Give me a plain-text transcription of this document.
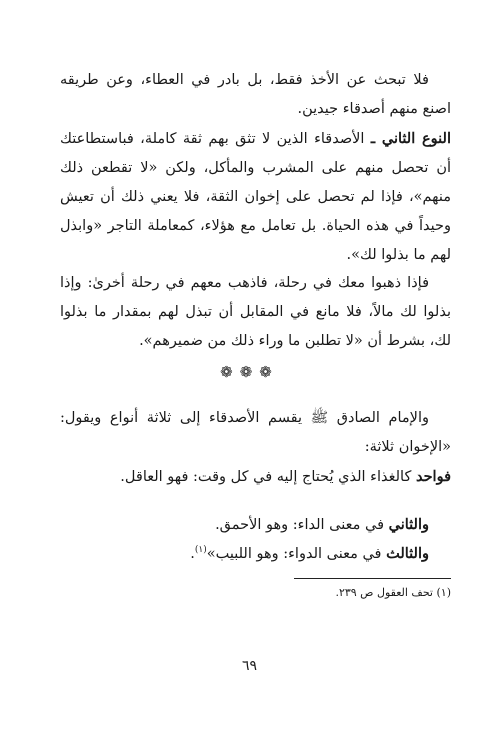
فلا تبحث عن الأخذ فقط، بل بادر في العطاء، وعن طريقه اصنع منهم أصدقاء جيدين.

النوع الثاني ـ الأصدقاء الذين لا تثق بهم ثقة كاملة، فباستطاعتك أن تحصل منهم على المشرب والمأكل، ولكن «لا تقطعن ذلك منهم»، فإذا لم تحصل على إخوان الثقة، فلا يعني ذلك أن تعيش وحيداً في هذه الحياة. بل تعامل مع هؤلاء، كمعاملة التاجر «وابذل لهم ما بذلوا لك».

فإذا ذهبوا معك في رحلة، فاذهب معهم في رحلة أخرىٰ: وإذا بذلوا لك مالاً، فلا مانع في المقابل أن تبذل لهم بمقدار ما بذلوا لك، بشرط أن «لا تطلبن ما وراء ذلك من ضميرهم».

❁❁❁

والإمام الصادق ﷺ يقسم الأصدقاء إلى ثلاثة أنواع ويقول: «الإخوان ثلاثة:

فواحد كالغذاء الذي يُحتاج إليه في كل وقت: فهو العاقل.

والثاني في معنى الداء: وهو الأحمق.

والثالث في معنى الدواء: وهو اللبيب»$^{(١)}$.

(١) تحف العقول ص ٢٣٩.
٦٩
